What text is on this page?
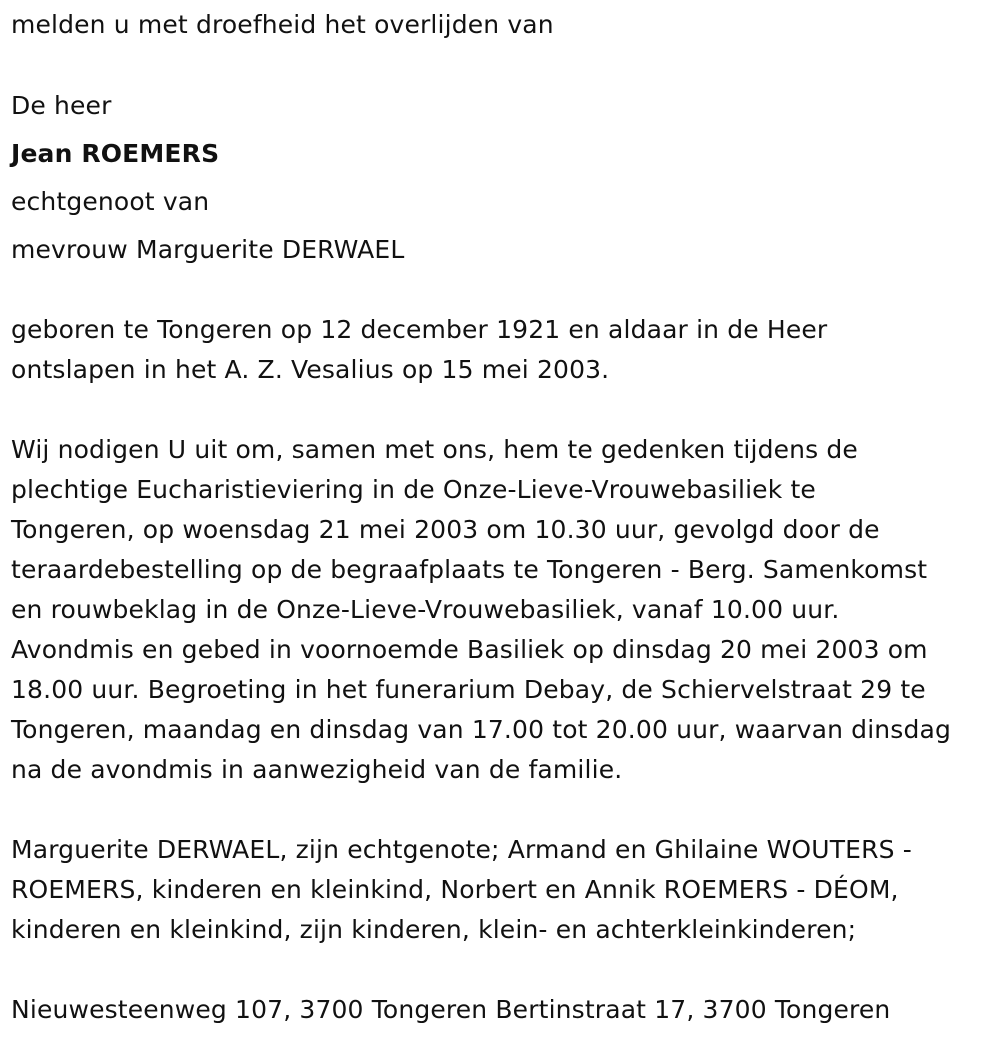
melden u met droefheid het overlijden van
De heer
Jean ROEMERS
echtgenoot van
mevrouw Marguerite DERWAEL
geboren te Tongeren op 12 december 1921 en aldaar in de Heer
ontslapen in het A. Z. Vesalius op 15 mei 2003.
Wij nodigen U uit om, samen met ons, hem te gedenken tijdens de
plechtige Eucharistieviering in de Onze-Lieve-Vrouwebasiliek te
Tongeren, op woensdag 21 mei 2003 om 10.30 uur, gevolgd door de
teraardebestelling op de begraafplaats te Tongeren - Berg. Samenkomst
en rouwbeklag in de Onze-Lieve-Vrouwebasiliek, vanaf 10.00 uur.
Avondmis en gebed in voornoemde Basiliek op dinsdag 20 mei 2003 om
18.00 uur. Begroeting in het funerarium Debay, de Schiervelstraat 29 te
Tongeren, maandag en dinsdag van 17.00 tot 20.00 uur, waarvan dinsdag
na de avondmis in aanwezigheid van de familie.
Marguerite DERWAEL, zijn echtgenote; Armand en Ghilaine WOUTERS -
ROEMERS, kinderen en kleinkind, Norbert en Annik ROEMERS - DÉOM,
kinderen en kleinkind, zijn kinderen, klein- en achterkleinkinderen;
Nieuwesteenweg 107, 3700 Tongeren Bertinstraat 17, 3700 Tongeren
